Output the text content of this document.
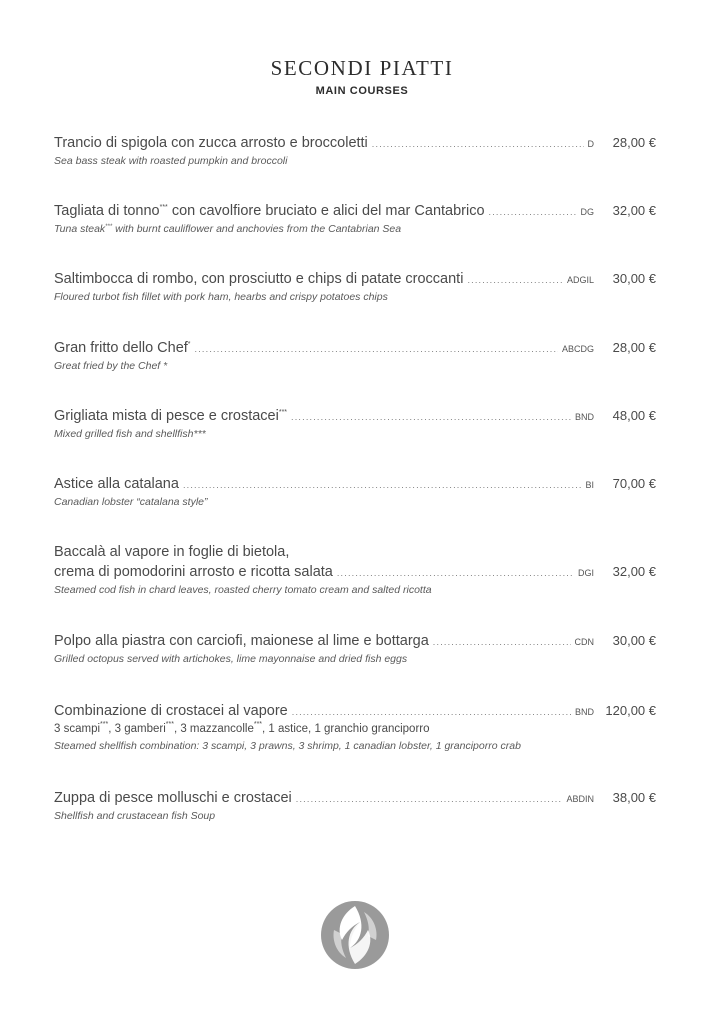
SECONDI PIATTI
MAIN COURSES
Trancio di spigola con zucca arrosto e broccoletti .....	D	28,00 €
Sea bass steak with roasted pumpkin and broccoli
Tagliata di tonno*** con cavolfiore bruciato e alici del mar Cantabrico .....	DG	32,00 €
Tuna steak*** with burnt cauliflower and anchovies from the Cantabrian Sea
Saltimbocca di rombo, con prosciutto e chips di patate croccanti .....	ADGIL	30,00 €
Floured turbot fish fillet with pork ham, hearbs and crispy potatoes chips
Gran fritto dello Chef* .....	ABCDG	28,00 €
Great fried by the Chef *
Grigliata mista di pesce e crostacei*** .....	BND	48,00 €
Mixed grilled fish and shellfish***
Astice alla catalana .....	BI	70,00 €
Canadian lobster “catalana style”
Baccalà al vapore in foglie di bietola,
crema di pomodorini arrosto e ricotta salata .....	DGI	32,00 €
Steamed cod fish in chard leaves, roasted cherry tomato cream and salted ricotta
Polpo alla piastra con carciofi, maionese al lime e bottarga .....	CDN	30,00 €
Grilled octopus served with artichokes, lime mayonnaise and dried fish eggs
Combinazione di crostacei al vapore .....	BND 120,00 €
3 scampi***, 3 gamberi***, 3 mazzancolle***, 1 astice, 1 granchio granciporro
Steamed shellfish combination: 3 scampi, 3 prawns, 3 shrimp, 1 canadian lobster, 1 granciporro crab
Zuppa di pesce molluschi e crostacei .....	ABDIN	38,00 €
Shellfish and crustacean fish Soup
